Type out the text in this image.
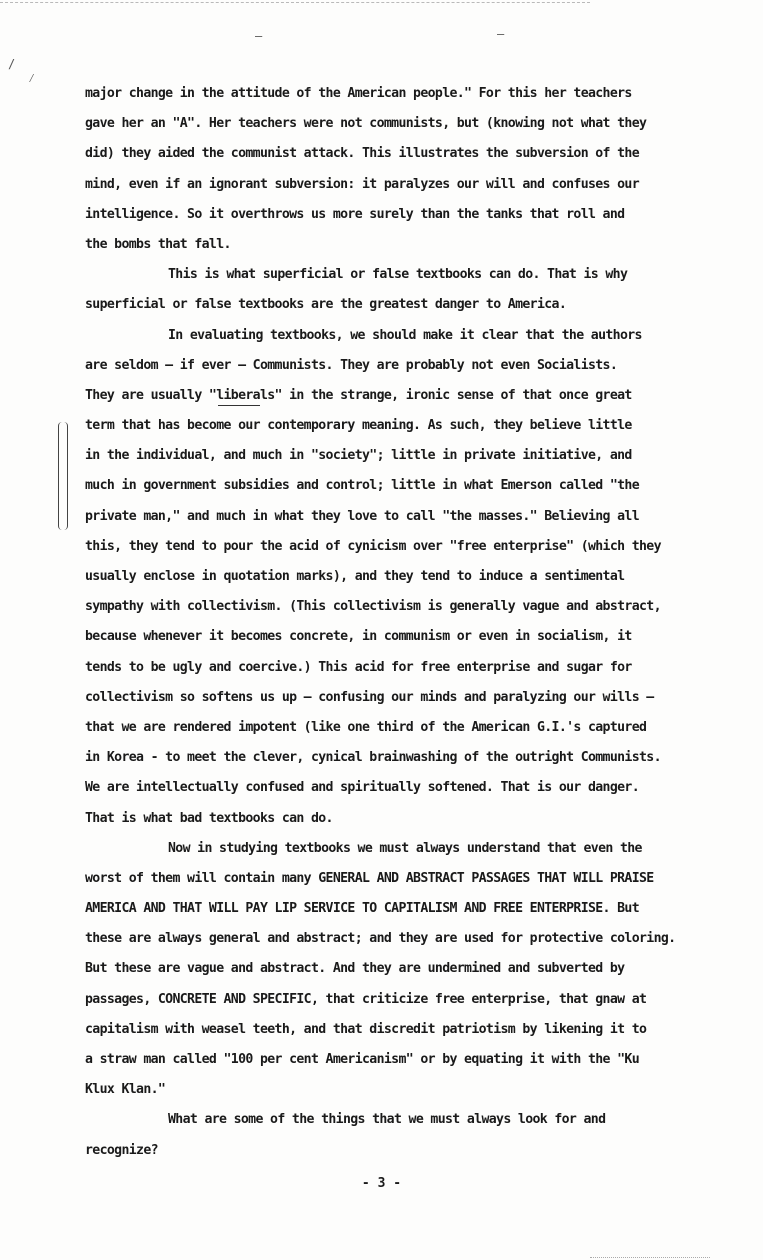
—	—
/
⁄
major change in the attitude of the American people." For this her teachers
gave her an "A". Her teachers were not communists, but (knowing not what they
did) they aided the communist attack. This illustrates the subversion of the
mind, even if an ignorant subversion: it paralyzes our will and confuses our
intelligence. So it overthrows us more surely than the tanks that roll and
the bombs that fall.
This is what superficial or false textbooks can do. That is why
superficial or false textbooks are the greatest danger to America.
In evaluating textbooks, we should make it clear that the authors
are seldom — if ever — Communists. They are probably not even Socialists.
They are usually "liberals" in the strange, ironic sense of that once great
term that has become our contemporary meaning. As such, they believe little
in the individual, and much in "society"; little in private initiative, and
much in government subsidies and control; little in what Emerson called "the
private man," and much in what they love to call "the masses." Believing all
this, they tend to pour the acid of cynicism over "free enterprise" (which they
usually enclose in quotation marks), and they tend to induce a sentimental
sympathy with collectivism. (This collectivism is generally vague and abstract,
because whenever it becomes concrete, in communism or even in socialism, it
tends to be ugly and coercive.) This acid for free enterprise and sugar for
collectivism so softens us up — confusing our minds and paralyzing our wills —
that we are rendered impotent (like one third of the American G.I.'s captured
in Korea - to meet the clever, cynical brainwashing of the outright Communists.
We are intellectually confused and spiritually softened. That is our danger.
That is what bad textbooks can do.
Now in studying textbooks we must always understand that even the
worst of them will contain many GENERAL AND ABSTRACT PASSAGES THAT WILL PRAISE
AMERICA AND THAT WILL PAY LIP SERVICE TO CAPITALISM AND FREE ENTERPRISE. But
these are always general and abstract; and they are used for protective coloring.
But these are vague and abstract. And they are undermined and subverted by
passages, CONCRETE AND SPECIFIC, that criticize free enterprise, that gnaw at
capitalism with weasel teeth, and that discredit patriotism by likening it to
a straw man called "100 per cent Americanism" or by equating it with the "Ku
Klux Klan."
What are some of the things that we must always look for and
recognize?
- 3 -
